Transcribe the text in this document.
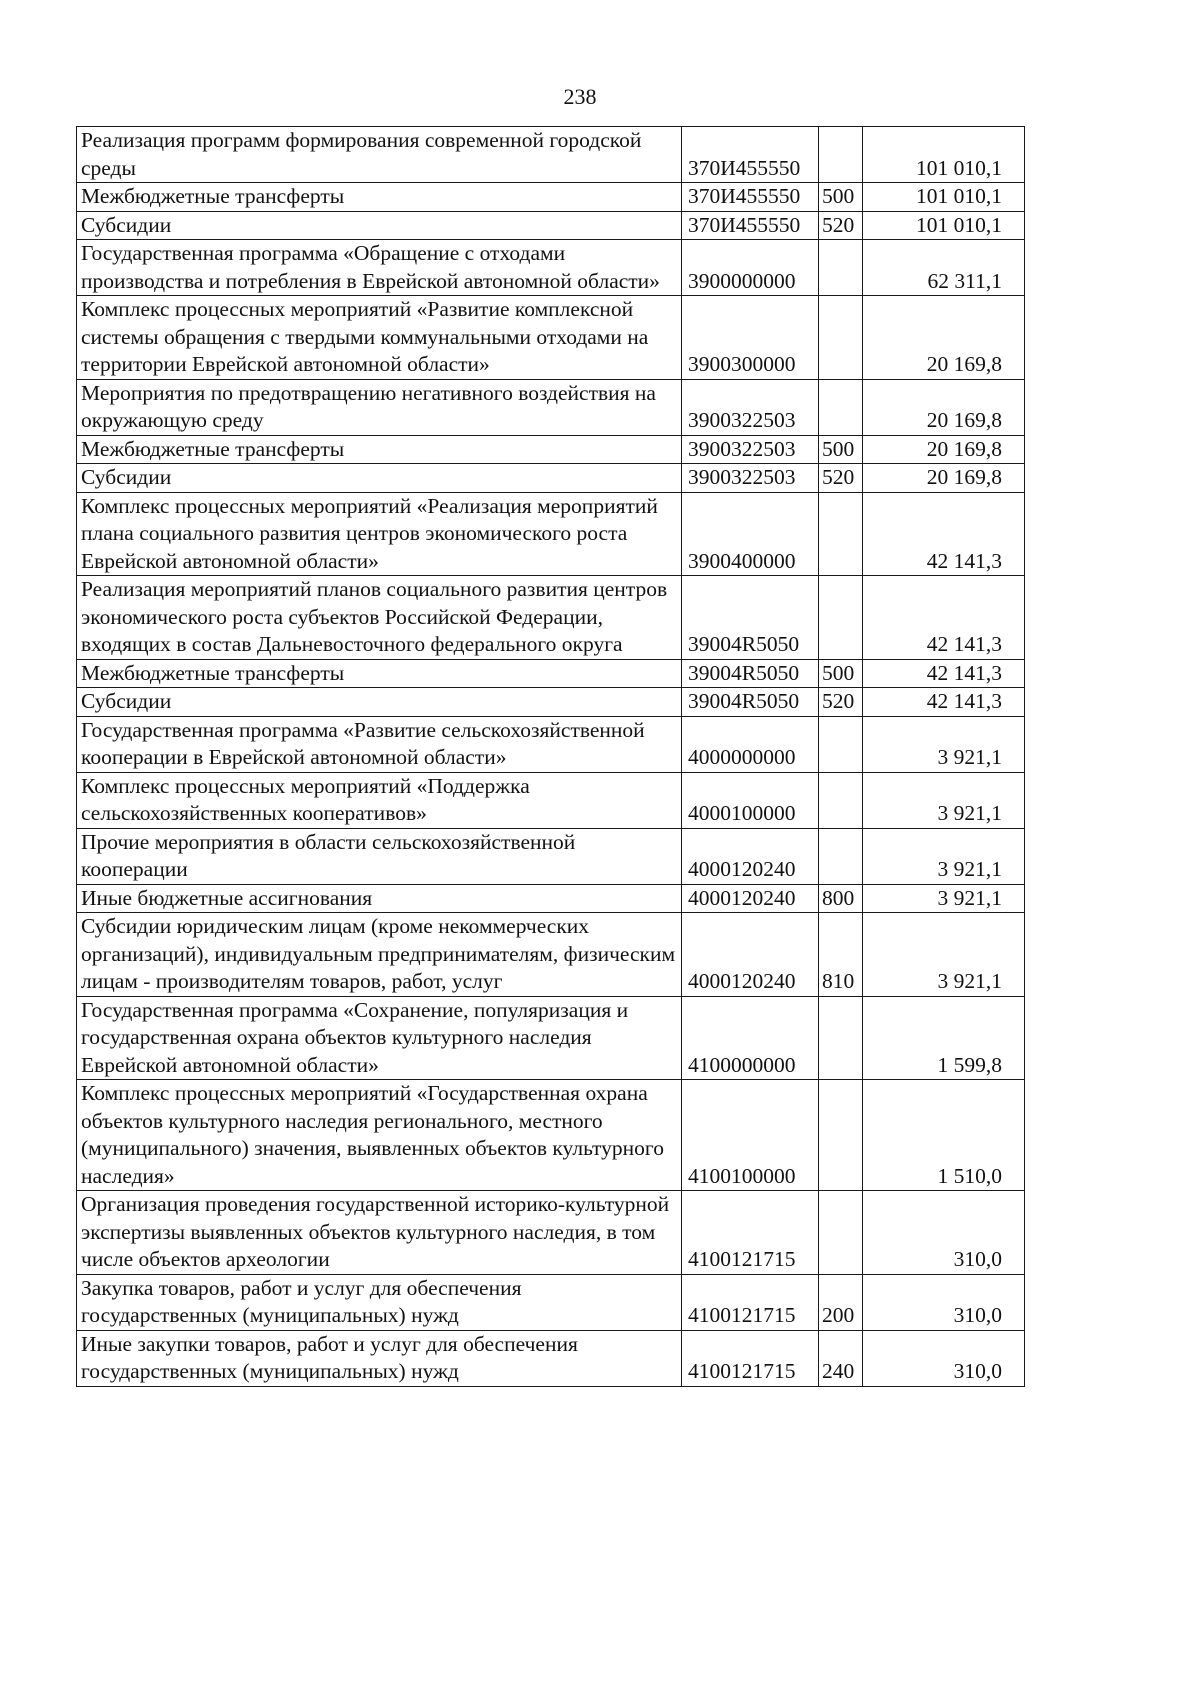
238
Реализация программ формирования современной городской среды	370И455550		101 010,1
Межбюджетные трансферты	370И455550	500	101 010,1
Субсидии	370И455550	520	101 010,1
Государственная программа «Обращение с отходами производства и потребления в Еврейской автономной области»	3900000000		62 311,1
Комплекс процессных мероприятий «Развитие комплексной системы обращения с твердыми коммунальными отходами на территории Еврейской автономной области»	3900300000		20 169,8
Мероприятия по предотвращению негативного воздействия на окружающую среду	3900322503		20 169,8
Межбюджетные трансферты	3900322503	500	20 169,8
Субсидии	3900322503	520	20 169,8
Комплекс процессных мероприятий «Реализация мероприятий плана социального развития центров экономического роста Еврейской автономной области»	3900400000		42 141,3
Реализация мероприятий планов социального развития центров экономического роста субъектов Российской Федерации, входящих в состав Дальневосточного федерального округа	39004R5050		42 141,3
Межбюджетные трансферты	39004R5050	500	42 141,3
Субсидии	39004R5050	520	42 141,3
Государственная программа «Развитие сельскохозяйственной кооперации в Еврейской автономной области»	4000000000		3 921,1
Комплекс процессных мероприятий «Поддержка сельскохозяйственных кооперативов»	4000100000		3 921,1
Прочие мероприятия в области сельскохозяйственной кооперации	4000120240		3 921,1
Иные бюджетные ассигнования	4000120240	800	3 921,1
Субсидии юридическим лицам (кроме некоммерческих организаций), индивидуальным предпринимателям, физическим лицам - производителям товаров, работ, услуг	4000120240	810	3 921,1
Государственная программа «Сохранение, популяризация и государственная охрана объектов культурного наследия Еврейской автономной области»	4100000000		1 599,8
Комплекс процессных мероприятий «Государственная охрана объектов культурного наследия регионального, местного (муниципального) значения, выявленных объектов культурного наследия»	4100100000		1 510,0
Организация проведения государственной историко-культурной экспертизы выявленных объектов культурного наследия, в том числе объектов археологии	4100121715		310,0
Закупка товаров, работ и услуг для обеспечения государственных (муниципальных) нужд	4100121715	200	310,0
Иные закупки товаров, работ и услуг для обеспечения государственных (муниципальных) нужд	4100121715	240	310,0
